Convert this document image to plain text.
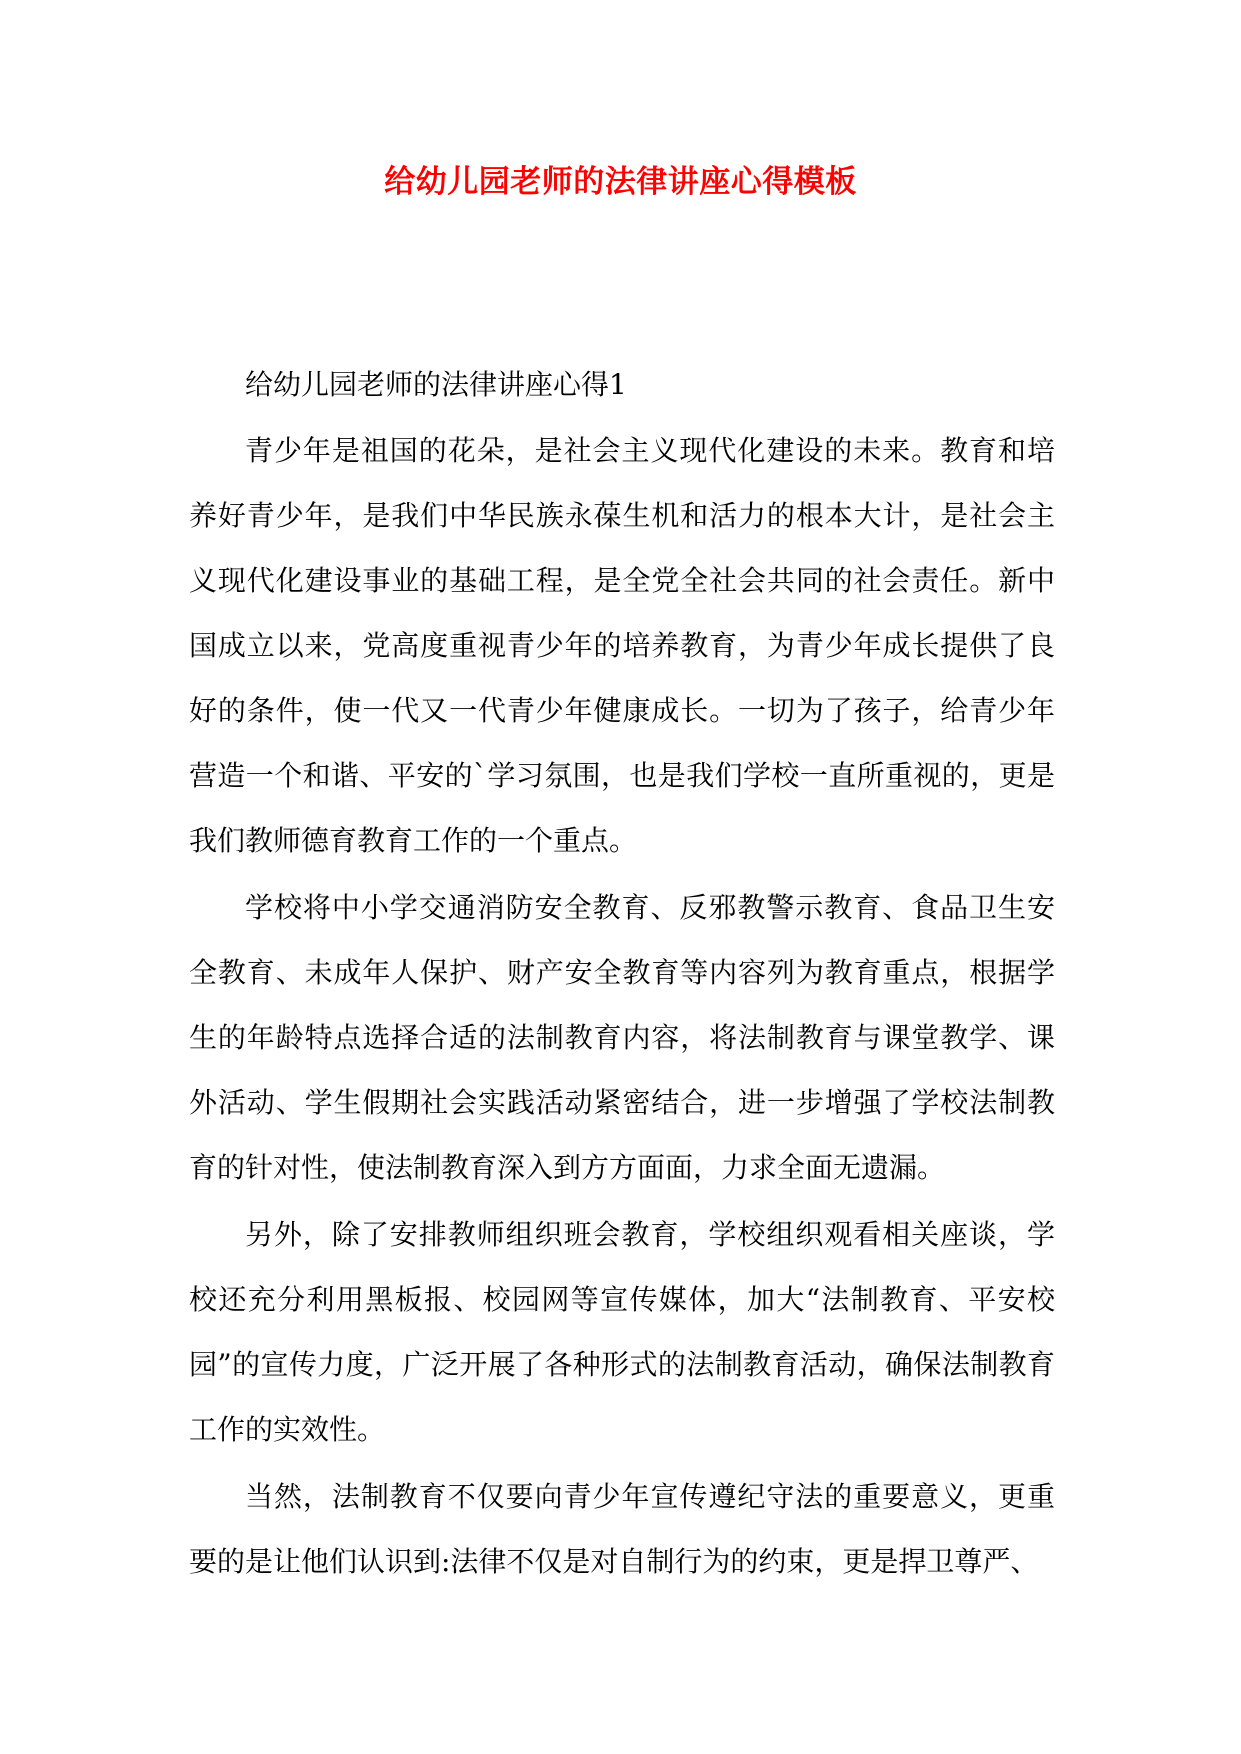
给幼儿园老师的法律讲座心得模板

给幼儿园老师的法律讲座心得1

青少年是祖国的花朵，是社会主义现代化建设的未来。教育和培养好青少年，是我们中华民族永葆生机和活力的根本大计，是社会主义现代化建设事业的基础工程，是全党全社会共同的社会责任。新中国成立以来，党高度重视青少年的培养教育，为青少年成长提供了良好的条件，使一代又一代青少年健康成长。一切为了孩子，给青少年营造一个和谐、平安的`学习氛围，也是我们学校一直所重视的，更是我们教师德育教育工作的一个重点。

学校将中小学交通消防安全教育、反邪教警示教育、食品卫生安全教育、未成年人保护、财产安全教育等内容列为教育重点，根据学生的年龄特点选择合适的法制教育内容，将法制教育与课堂教学、课外活动、学生假期社会实践活动紧密结合，进一步增强了学校法制教育的针对性，使法制教育深入到方方面面，力求全面无遗漏。

另外，除了安排教师组织班会教育，学校组织观看相关座谈，学校还充分利用黑板报、校园网等宣传媒体，加大“法制教育、平安校园”的宣传力度，广泛开展了各种形式的法制教育活动，确保法制教育工作的实效性。

当然，法制教育不仅要向青少年宣传遵纪守法的重要意义，更重要的是让他们认识到:法律不仅是对自制行为的约束，更是捍卫尊严、
